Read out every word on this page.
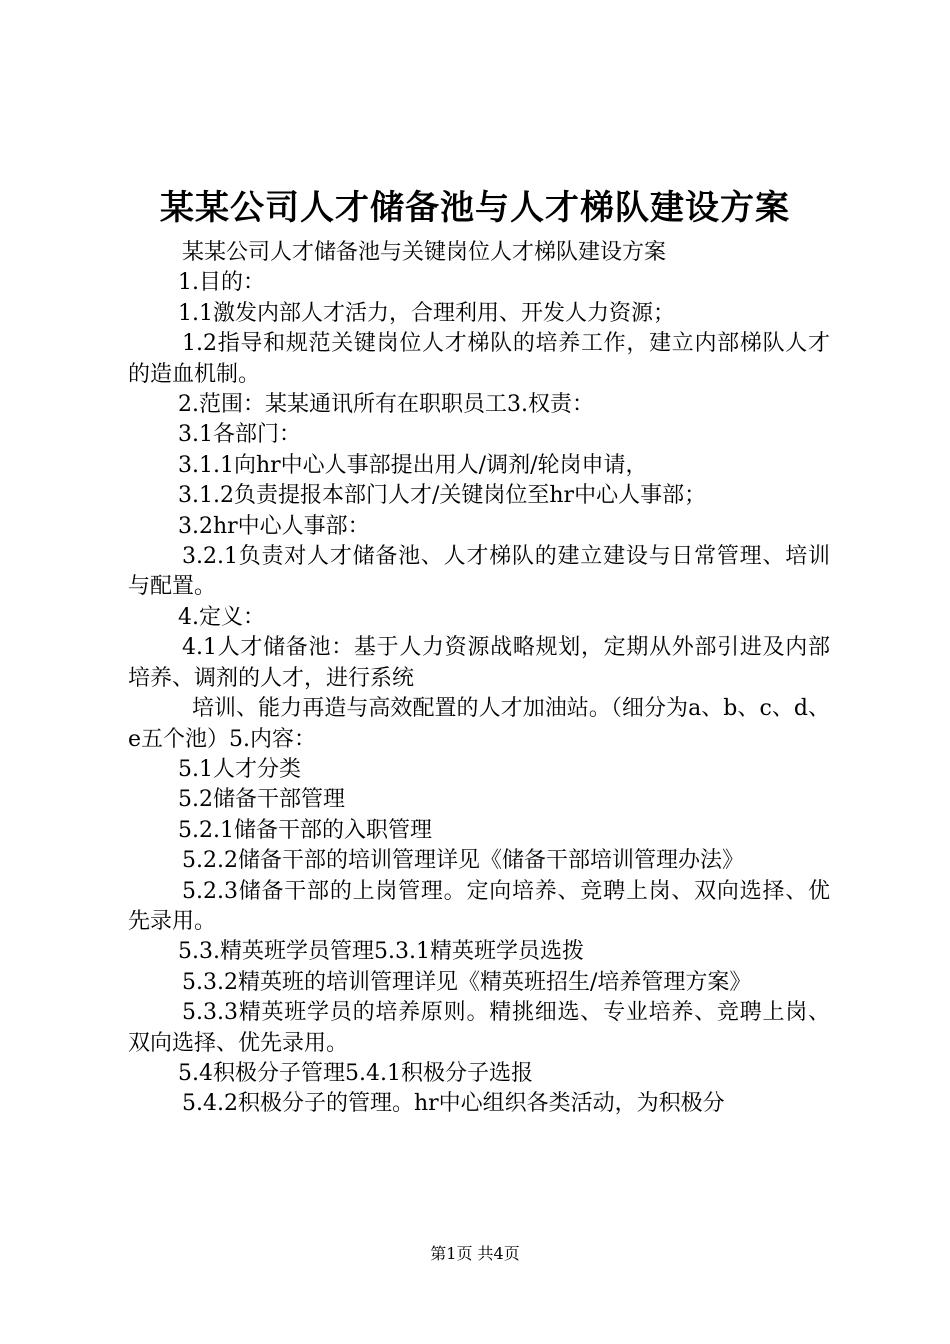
某某公司人才储备池与人才梯队建设方案

某某公司人才储备池与关键岗位人才梯队建设方案

1.目的：

1.1激发内部人才活力，合理利用、开发人力资源；

1.2指导和规范关键岗位人才梯队的培养工作，建立内部梯队人才的造血机制。

2.范围：某某通讯所有在职职员工3.权责：

3.1各部门：

3.1.1向hr中心人事部提出用人/调剂/轮岗申请，

3.1.2负责提报本部门人才/关键岗位至hr中心人事部；

3.2hr中心人事部：

3.2.1负责对人才储备池、人才梯队的建立建设与日常管理、培训与配置。

4.定义：

4.1人才储备池：基于人力资源战略规划，定期从外部引进及内部培养、调剂的人才，进行系统

培训、能力再造与高效配置的人才加油站。（细分为a、b、c、d、e五个池）5.内容：

5.1人才分类

5.2储备干部管理

5.2.1储备干部的入职管理

5.2.2储备干部的培训管理详见《储备干部培训管理办法》

5.2.3储备干部的上岗管理。定向培养、竞聘上岗、双向选择、优先录用。

5.3.精英班学员管理5.3.1精英班学员选拨

5.3.2精英班的培训管理详见《精英班招生/培养管理方案》

5.3.3精英班学员的培养原则。精挑细选、专业培养、竞聘上岗、双向选择、优先录用。

5.4积极分子管理5.4.1积极分子选报

5.4.2积极分子的管理。hr中心组织各类活动，为积极分

第1页 共4页
